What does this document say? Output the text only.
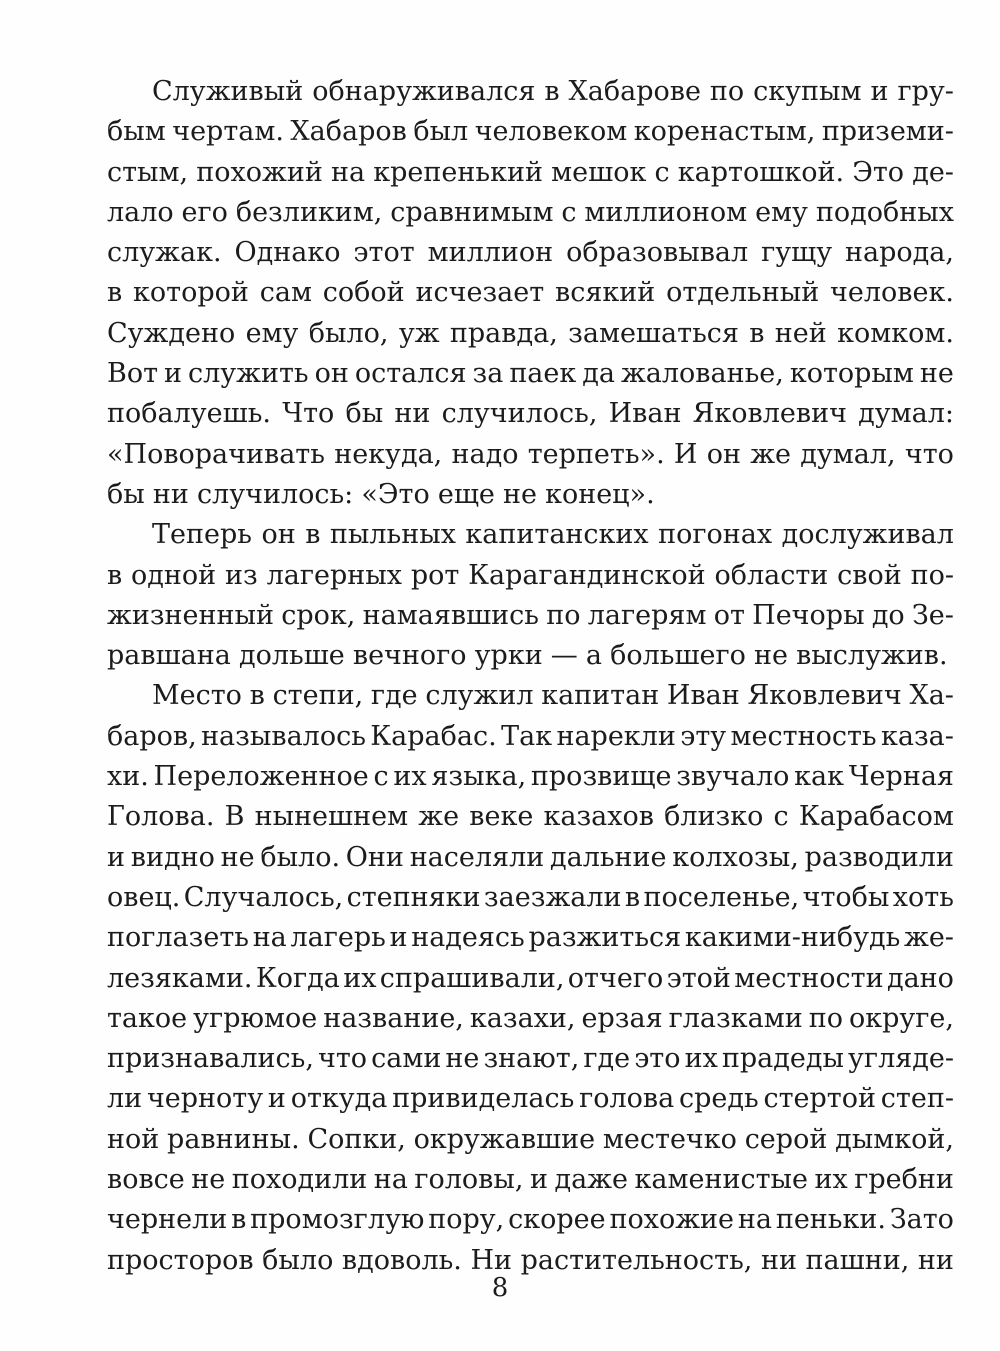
Служивый обнаруживался в Хабарове по скупым и гру-
бым чертам. Хабаров был человеком коренастым, приземи-
стым, похожий на крепенький мешок с картошкой. Это де-
лало его безликим, сравнимым с миллионом ему подобных
служак. Однако этот миллион образовывал гущу народа,
в которой сам собой исчезает всякий отдельный человек.
Суждено ему было, уж правда, замешаться в ней комком.
Вот и служить он остался за паек да жалованье, которым не
побалуешь. Что бы ни случилось, Иван Яковлевич думал:
«Поворачивать некуда, надо терпеть». И он же думал, что
бы ни случилось: «Это еще не конец».
Теперь он в пыльных капитанских погонах дослуживал
в одной из лагерных рот Карагандинской области свой по-
жизненный срок, намаявшись по лагерям от Печоры до Зе-
равшана дольше вечного урки — а большего не выслужив.
Место в степи, где служил капитан Иван Яковлевич Ха-
баров, называлось Карабас. Так нарекли эту местность каза-
хи. Переложенное с их языка, прозвище звучало как Черная
Голова. В нынешнем же веке казахов близко с Карабасом
и видно не было. Они населяли дальние колхозы, разводили
овец. Случалось, степняки заезжали в поселенье, чтобы хоть
поглазеть на лагерь и надеясь разжиться какими-нибудь же-
лезяками. Когда их спрашивали, отчего этой местности дано
такое угрюмое название, казахи, ерзая глазками по округе,
признавались, что сами не знают, где это их прадеды угляде-
ли черноту и откуда привиделась голова средь стертой степ-
ной равнины. Сопки, окружавшие местечко серой дымкой,
вовсе не походили на головы, и даже каменистые их гребни
чернели в промозглую пору, скорее похожие на пеньки. Зато
просторов было вдоволь. Ни растительность, ни пашни, ни
8
